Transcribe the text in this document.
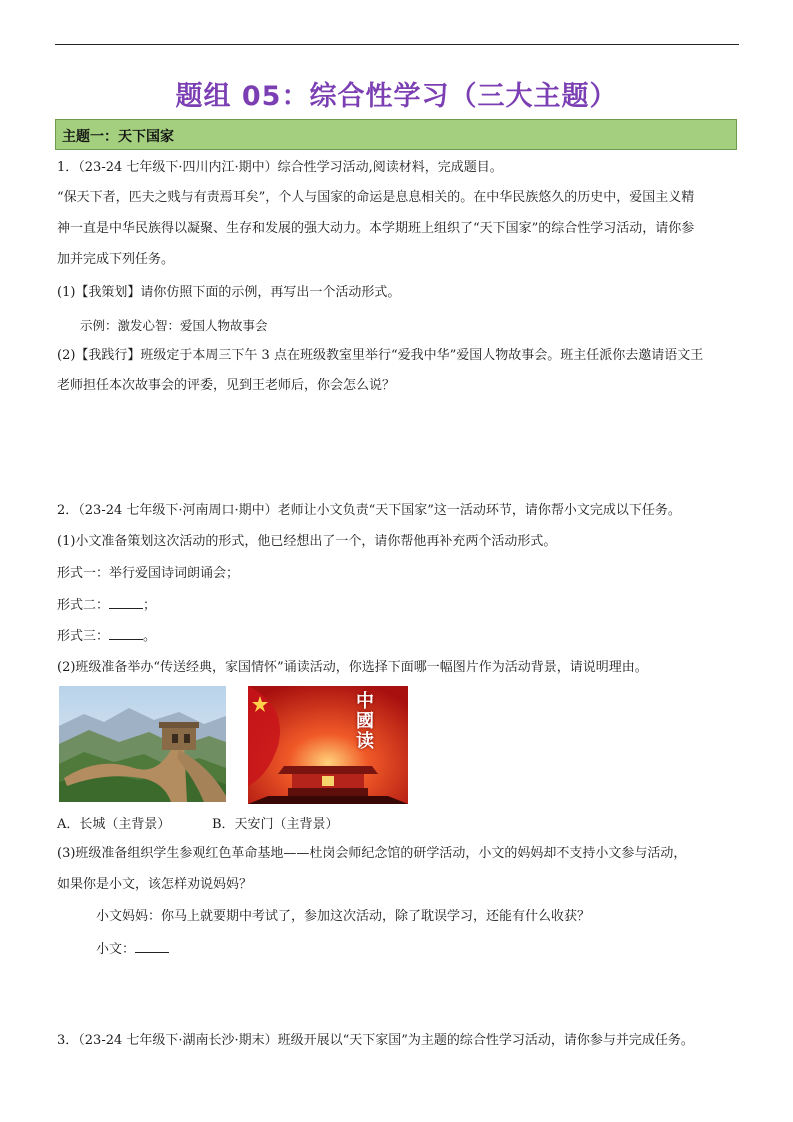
题组 05：综合性学习（三大主题）
主题一：天下国家
1．（23-24 七年级下·四川内江·期中）综合性学习活动,阅读材料，完成题目。
“保天下者，匹夫之贱与有责焉耳矣”，个人与国家的命运是息息相关的。在中华民族悠久的历史中，爱国主义精
神一直是中华民族得以凝聚、生存和发展的强大动力。本学期班上组织了“天下国家”的综合性学习活动，请你参
加并完成下列任务。
(1)【我策划】请你仿照下面的示例，再写出一个活动形式。
示例：激发心智：爱国人物故事会
(2)【我践行】班级定于本周三下午 3 点在班级教室里举行“爱我中华”爱国人物故事会。班主任派你去邀请语文王
老师担任本次故事会的评委，见到王老师后，你会怎么说？
2．（23-24 七年级下·河南周口·期中）老师让小文负责“天下国家”这一活动环节，请你帮小文完成以下任务。
(1)小文准备策划这次活动的形式，他已经想出了一个，请你帮他再补充两个活动形式。
形式一：举行爱国诗词朗诵会；
形式二：	；
形式三：	。
(2)班级准备举办“传送经典，家国情怀”诵读活动，你选择下面哪一幅图片作为活动背景，请说明理由。
中國读
A．长城（主背景）	B．天安门（主背景）
(3)班级准备组织学生参观红色革命基地——杜岗会师纪念馆的研学活动，小文的妈妈却不支持小文参与活动，
如果你是小文，该怎样劝说妈妈？
小文妈妈：你马上就要期中考试了，参加这次活动，除了耽误学习，还能有什么收获？
小文：
3．（23-24 七年级下·湖南长沙·期末）班级开展以“天下家国”为主题的综合性学习活动，请你参与并完成任务。
